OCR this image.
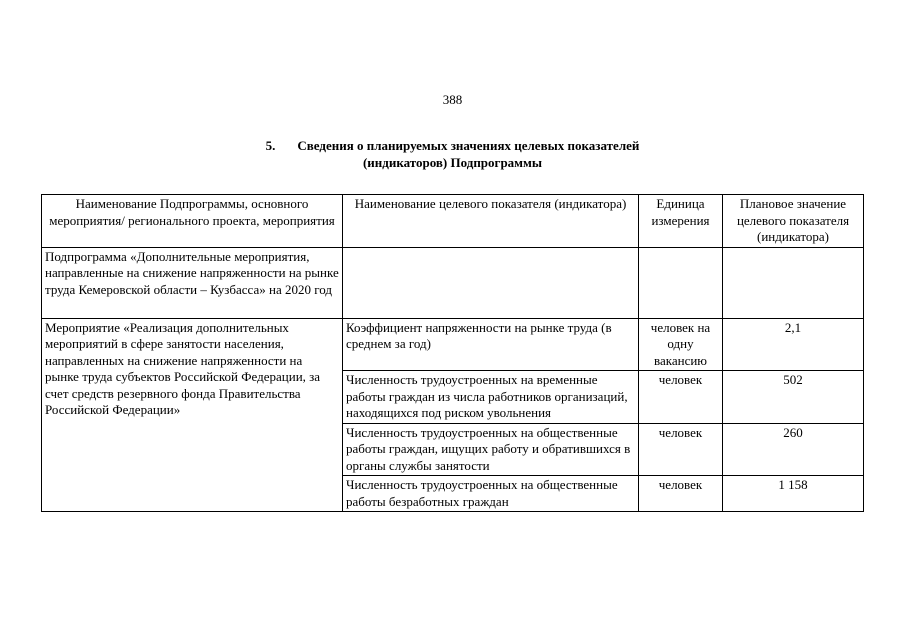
388
5. Сведения о планируемых значениях целевых показателей
(индикаторов) Подпрограммы
Наименование Подпрограммы, основного мероприятия/ регионального проекта, мероприятия	Наименование целевого показателя (индикатора)	Единица измерения	Плановое значение целевого показателя (индикатора)
Подпрограмма «Дополнительные мероприятия, направленные на снижение напряженности на рынке труда Кемеровской области – Кузбасса» на 2020 год			
Мероприятие «Реализация дополнительных мероприятий в сфере занятости населения, направленных на снижение напряженности на рынке труда субъектов Российской Федерации, за счет средств резервного фонда Правительства Российской Федерации»	Коэффициент напряженности на рынке труда (в среднем за год)	человек на одну вакансию	2,1
	Численность трудоустроенных на временные работы граждан из числа работников организаций, находящихся под риском увольнения	человек	502
	Численность трудоустроенных на общественные работы граждан, ищущих работу и обратившихся в органы службы занятости	человек	260
	Численность трудоустроенных на общественные работы безработных граждан	человек	1 158
